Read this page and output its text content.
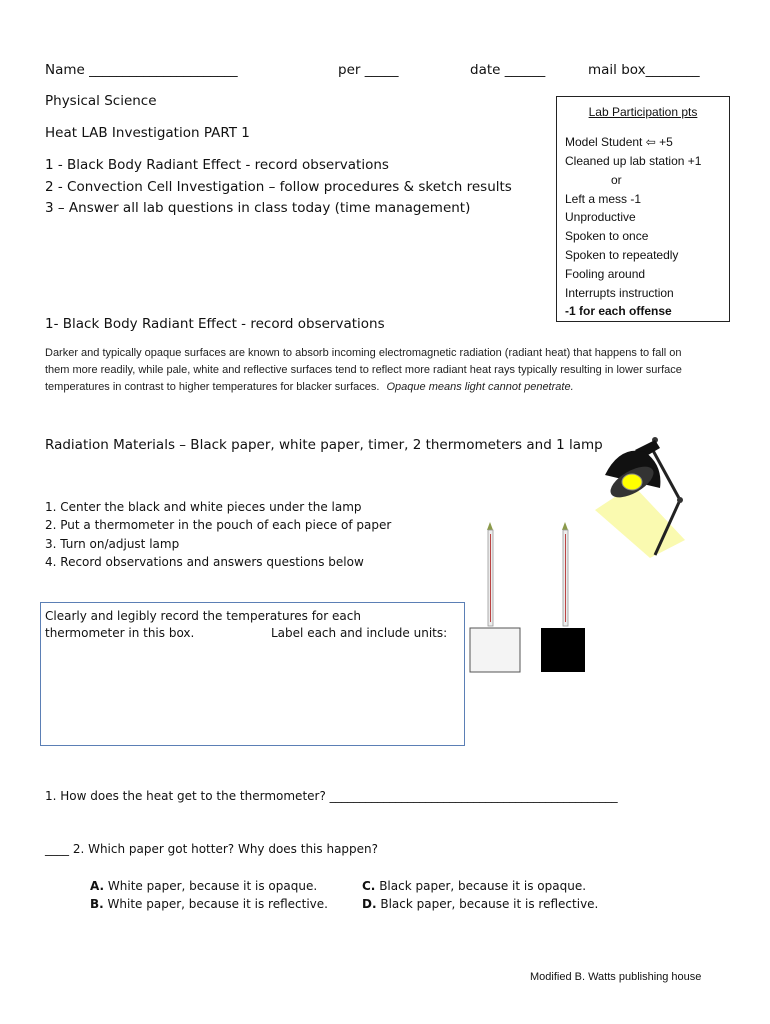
Name ______________________	per _____	date ______	mail box________
Physical Science
Heat LAB Investigation PART 1
1 - Black Body Radiant Effect - record observations
2 - Convection Cell Investigation – follow procedures & sketch results
3 – Answer all lab questions in class today (time management)
Lab Participation pts
Model Student ⇦ +5
Cleaned up lab station +1
or
Left a mess -1
Unproductive
Spoken to once
Spoken to repeatedly
Fooling around
Interrupts instruction
-1 for each offense
1- Black Body Radiant Effect - record observations
Darker and typically opaque surfaces are known to absorb incoming electromagnetic radiation (radiant heat) that happens to fall on
them more readily, while pale, white and reflective surfaces tend to reflect more radiant heat rays typically resulting in lower surface
temperatures in contrast to higher temperatures for blacker surfaces. Opaque means light cannot penetrate.
Radiation Materials – Black paper, white paper, timer, 2 thermometers and 1 lamp
1. Center the black and white pieces under the lamp
2. Put a thermometer in the pouch of each piece of paper
3. Turn on/adjust lamp
4. Record observations and answers questions below
Clearly and legibly record the temperatures for each
thermometer in this box.	Label each and include units:
1. How does the heat get to the thermometer? ________________________________________________
____ 2. Which paper got hotter? Why does this happen?
A. White paper, because it is opaque.
B. White paper, because it is reflective.
C. Black paper, because it is opaque.
D. Black paper, because it is reflective.
Modified B. Watts publishing house
